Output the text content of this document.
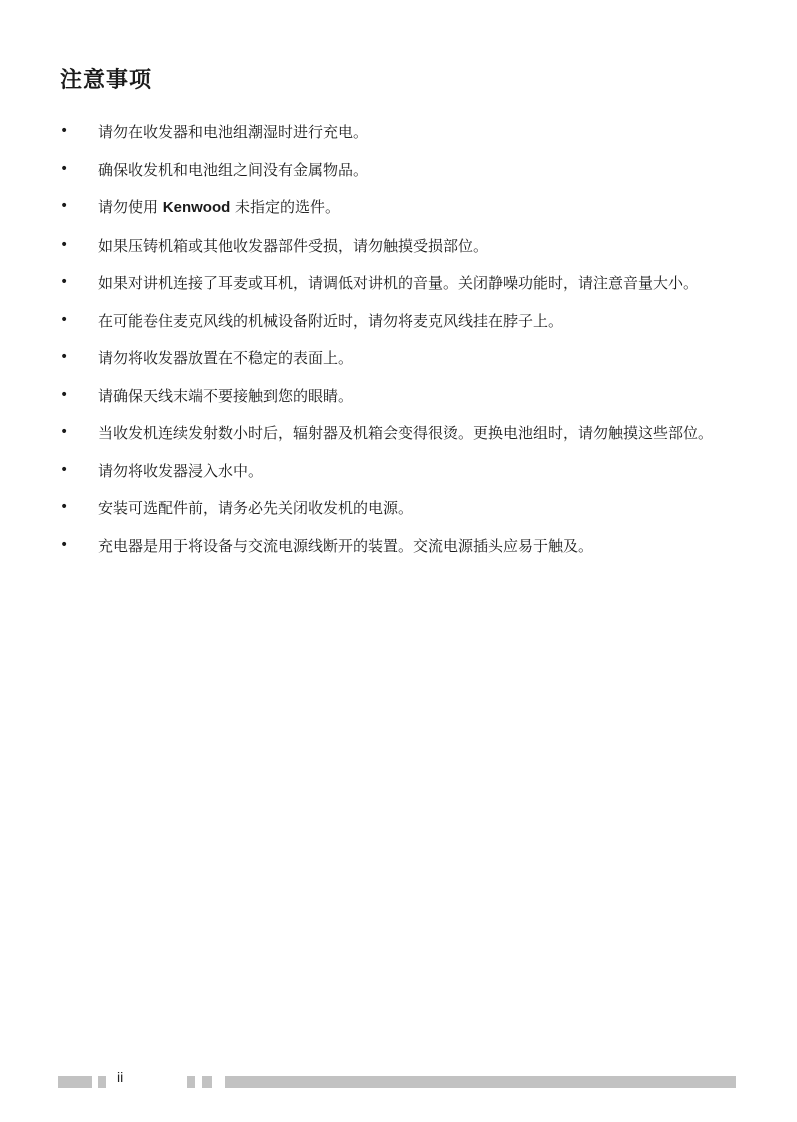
注意事项
• 请勿在收发器和电池组潮湿时进行充电。
• 确保收发机和电池组之间没有金属物品。
• 请勿使用 Kenwood 未指定的选件。
• 如果压铸机箱或其他收发器部件受损，请勿触摸受损部位。
• 如果对讲机连接了耳麦或耳机，请调低对讲机的音量。关闭静噪功能时，请注意音量大小。
• 在可能卷住麦克风线的机械设备附近时，请勿将麦克风线挂在脖子上。
• 请勿将收发器放置在不稳定的表面上。
• 请确保天线末端不要接触到您的眼睛。
• 当收发机连续发射数小时后，辐射器及机箱会变得很烫。更换电池组时，请勿触摸这些部位。
• 请勿将收发器浸入水中。
• 安装可选配件前，请务必先关闭收发机的电源。
• 充电器是用于将设备与交流电源线断开的装置。交流电源插头应易于触及。
ii
